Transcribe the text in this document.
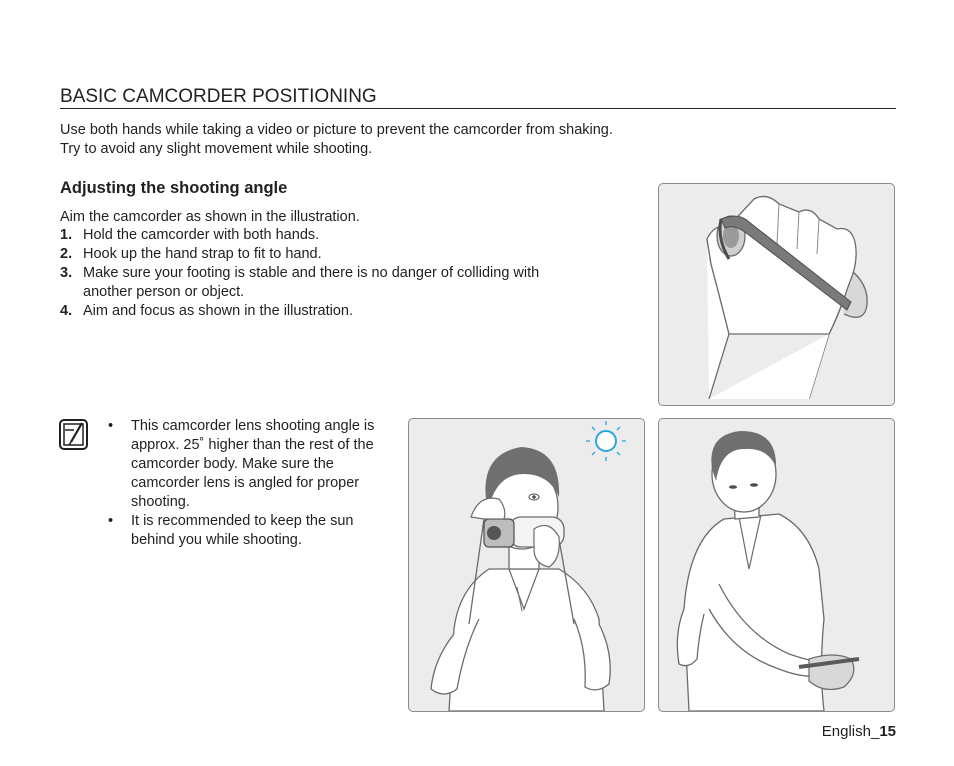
BASIC CAMCORDER POSITIONING
Use both hands while taking a video or picture to prevent the camcorder from shaking.
Try to avoid any slight movement while shooting.
Adjusting the shooting angle
Aim the camcorder as shown in the illustration.
1. Hold the camcorder with both hands.
2. Hook up the hand strap to fit to hand.
3. Make sure your footing is stable and there is no danger of colliding with another person or object.
4. Aim and focus as shown in the illustration.
•	This camcorder lens shooting angle is approx. 25˚ higher than the rest of the camcorder body. Make sure the camcorder lens is angled for proper shooting.
•	It is recommended to keep the sun behind you while shooting.
English_15
